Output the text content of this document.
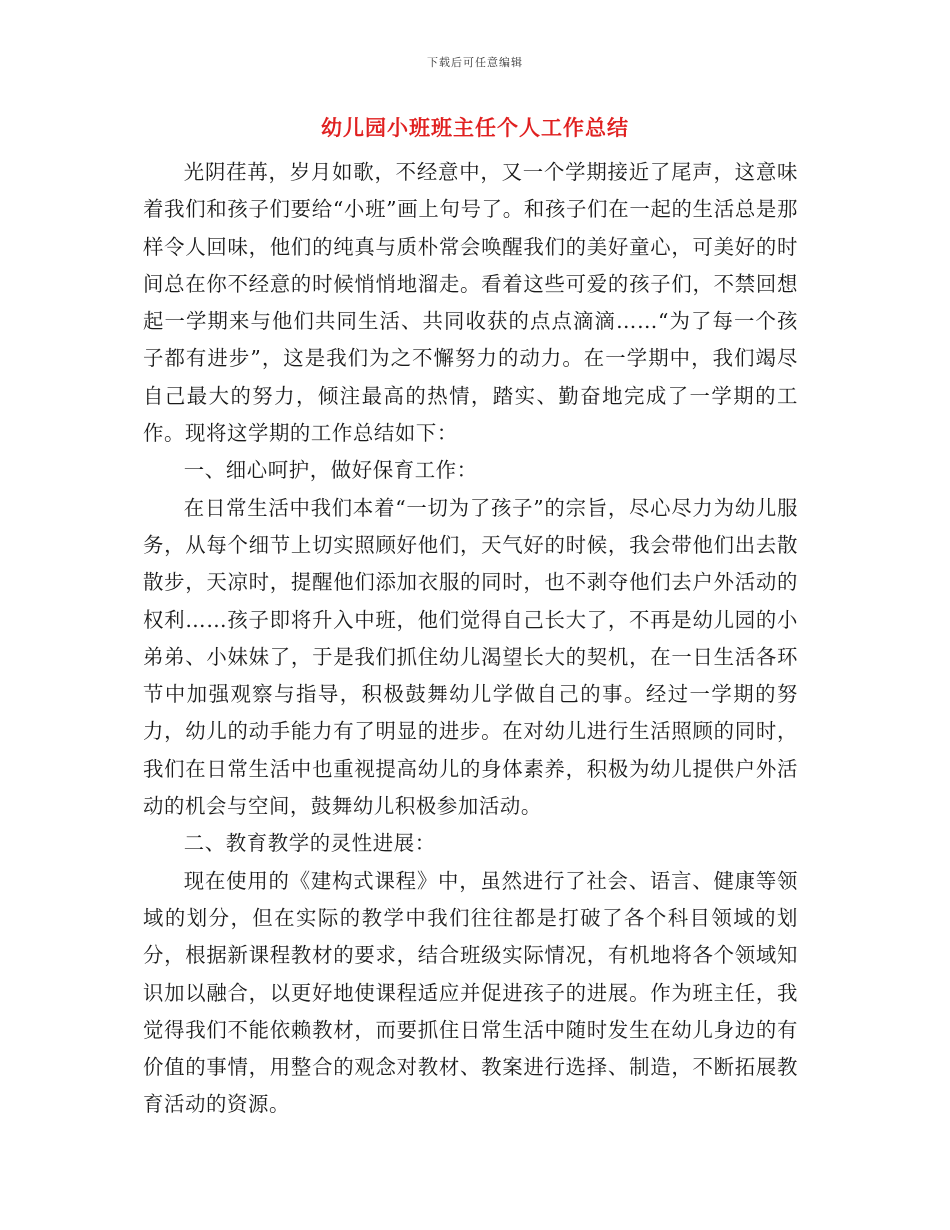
下载后可任意编辑
幼儿园小班班主任个人工作总结

光阴荏苒，岁月如歌，不经意中，又一个学期接近了尾声，这意味着我们和孩子们要给“小班”画上句号了。和孩子们在一起的生活总是那样令人回味，他们的纯真与质朴常会唤醒我们的美好童心，可美好的时间总在你不经意的时候悄悄地溜走。看着这些可爱的孩子们，不禁回想起一学期来与他们共同生活、共同收获的点点滴滴……“为了每一个孩子都有进步”，这是我们为之不懈努力的动力。在一学期中，我们竭尽自己最大的努力，倾注最高的热情，踏实、勤奋地完成了一学期的工作。现将这学期的工作总结如下：

一、细心呵护，做好保育工作：

在日常生活中我们本着“一切为了孩子”的宗旨，尽心尽力为幼儿服务，从每个细节上切实照顾好他们，天气好的时候，我会带他们出去散散步，天凉时，提醒他们添加衣服的同时，也不剥夺他们去户外活动的权利……孩子即将升入中班，他们觉得自己长大了，不再是幼儿园的小弟弟、小妹妹了，于是我们抓住幼儿渴望长大的契机，在一日生活各环节中加强观察与指导，积极鼓舞幼儿学做自己的事。经过一学期的努力，幼儿的动手能力有了明显的进步。在对幼儿进行生活照顾的同时，我们在日常生活中也重视提高幼儿的身体素养，积极为幼儿提供户外活动的机会与空间，鼓舞幼儿积极参加活动。

二、教育教学的灵性进展：

现在使用的《建构式课程》中，虽然进行了社会、语言、健康等领域的划分，但在实际的教学中我们往往都是打破了各个科目领域的划分，根据新课程教材的要求，结合班级实际情况，有机地将各个领域知识加以融合，以更好地使课程适应并促进孩子的进展。作为班主任，我觉得我们不能依赖教材，而要抓住日常生活中随时发生在幼儿身边的有价值的事情，用整合的观念对教材、教案进行选择、制造，不断拓展教育活动的资源。
